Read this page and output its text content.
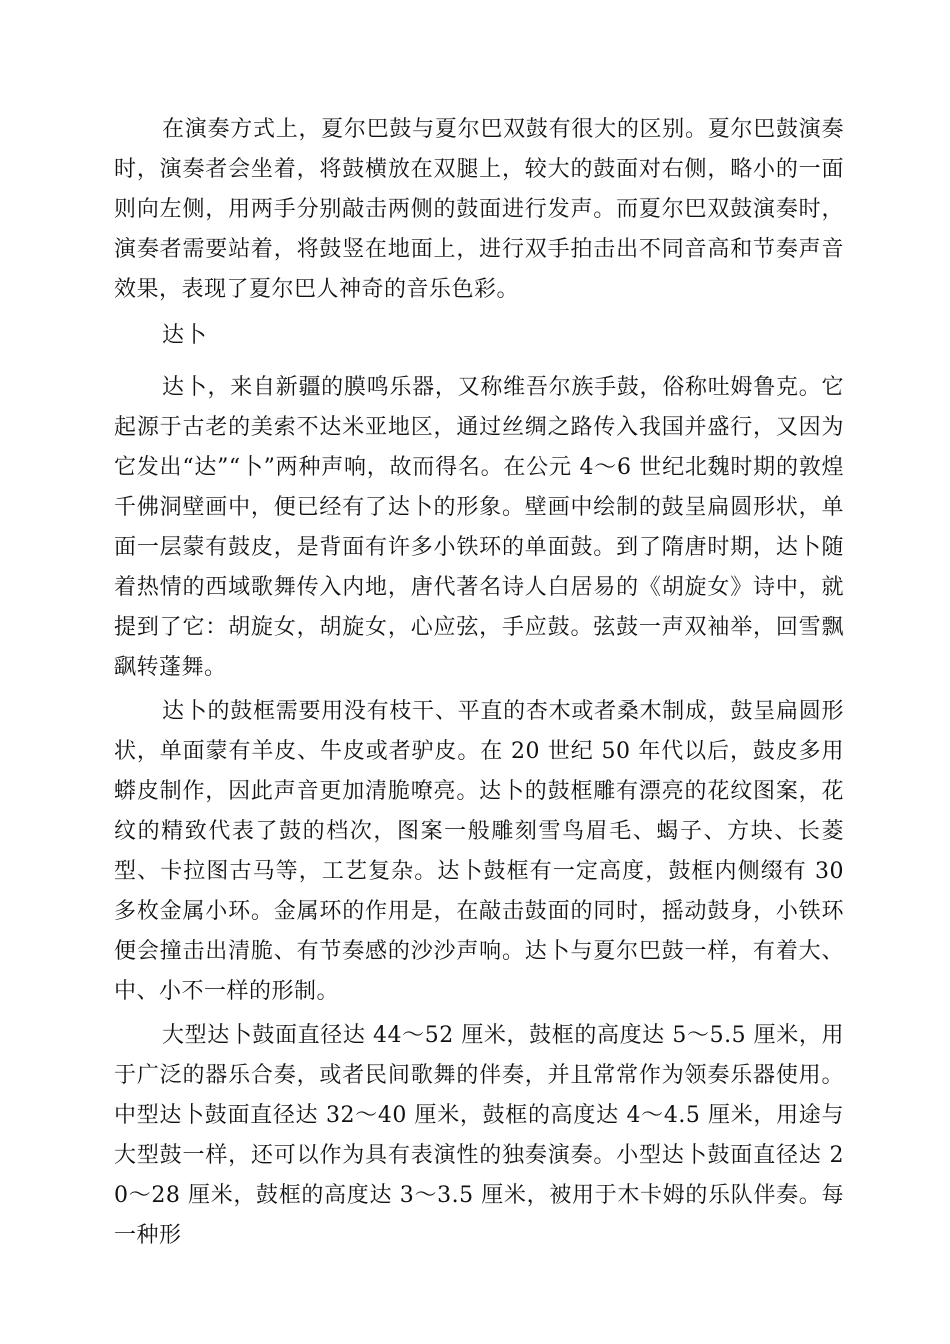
在演奏方式上，夏尔巴鼓与夏尔巴双鼓有很大的区别。夏尔巴鼓演奏时，演奏者会坐着，将鼓横放在双腿上，较大的鼓面对右侧，略小的一面则向左侧，用两手分别敲击两侧的鼓面进行发声。而夏尔巴双鼓演奏时，演奏者需要站着，将鼓竖在地面上，进行双手拍击出不同音高和节奏声音效果，表现了夏尔巴人神奇的音乐色彩。

达卜

达卜，来自新疆的膜鸣乐器，又称维吾尔族手鼓，俗称吐姆鲁克。它起源于古老的美索不达米亚地区，通过丝绸之路传入我国并盛行，又因为它发出“达”“卜”两种声响，故而得名。在公元 4～6 世纪北魏时期的敦煌千佛洞壁画中，便已经有了达卜的形象。壁画中绘制的鼓呈扁圆形状，单面一层蒙有鼓皮，是背面有许多小铁环的单面鼓。到了隋唐时期，达卜随着热情的西域歌舞传入内地，唐代著名诗人白居易的《胡旋女》诗中，就提到了它：胡旋女，胡旋女，心应弦，手应鼓。弦鼓一声双袖举，回雪飘飖转蓬舞。

达卜的鼓框需要用没有枝干、平直的杏木或者桑木制成，鼓呈扁圆形状，单面蒙有羊皮、牛皮或者驴皮。在 20 世纪 50 年代以后，鼓皮多用蟒皮制作，因此声音更加清脆嘹亮。达卜的鼓框雕有漂亮的花纹图案，花纹的精致代表了鼓的档次，图案一般雕刻雪鸟眉毛、蝎子、方块、长菱型、卡拉图古马等，工艺复杂。达卜鼓框有一定高度，鼓框内侧缀有 30 多枚金属小环。金属环的作用是，在敲击鼓面的同时，摇动鼓身，小铁环便会撞击出清脆、有节奏感的沙沙声响。达卜与夏尔巴鼓一样，有着大、中、小不一样的形制。

大型达卜鼓面直径达 44～52 厘米，鼓框的高度达 5～5.5 厘米，用于广泛的器乐合奏，或者民间歌舞的伴奏，并且常常作为领奏乐器使用。中型达卜鼓面直径达 32～40 厘米，鼓框的高度达 4～4.5 厘米，用途与大型鼓一样，还可以作为具有表演性的独奏演奏。小型达卜鼓面直径达 20～28 厘米，鼓框的高度达 3～3.5 厘米，被用于木卡姆的乐队伴奏。每一种形
